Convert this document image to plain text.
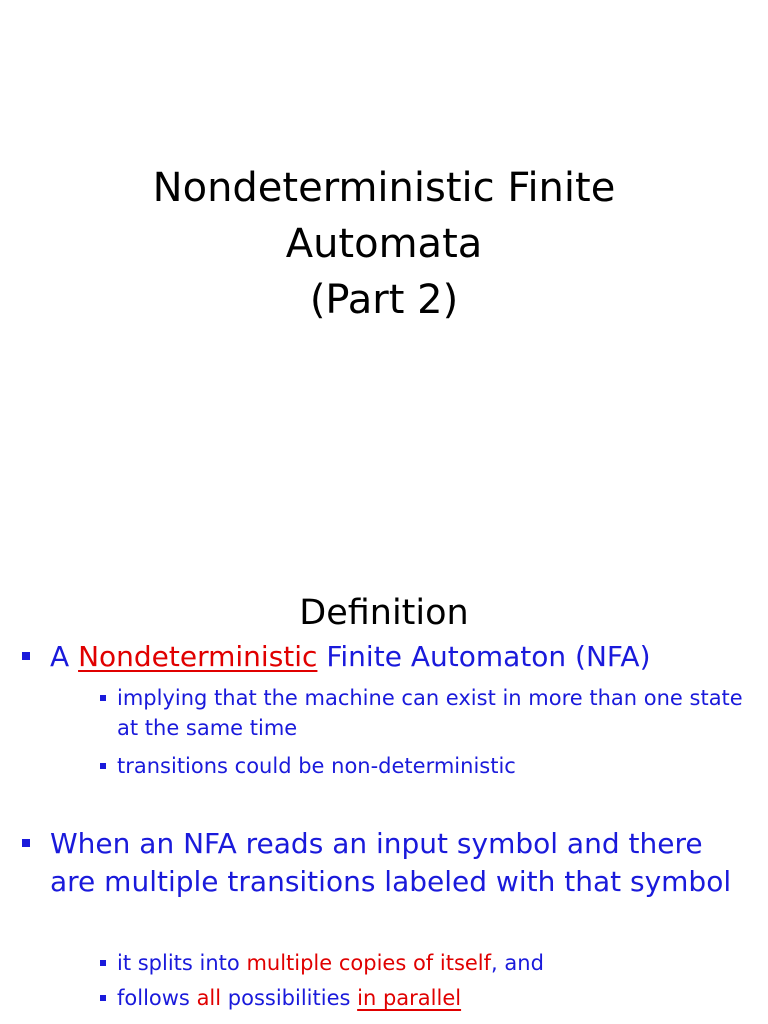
Nondeterministic Finite
Automata
(Part 2)
Definition
A Nondeterministic Finite Automaton (NFA)
implying that the machine can exist in more than one state at the same time
transitions could be non-deterministic
When an NFA reads an input symbol and there are multiple transitions labeled with that symbol
it splits into multiple copies of itself, and
follows all possibilities in parallel
